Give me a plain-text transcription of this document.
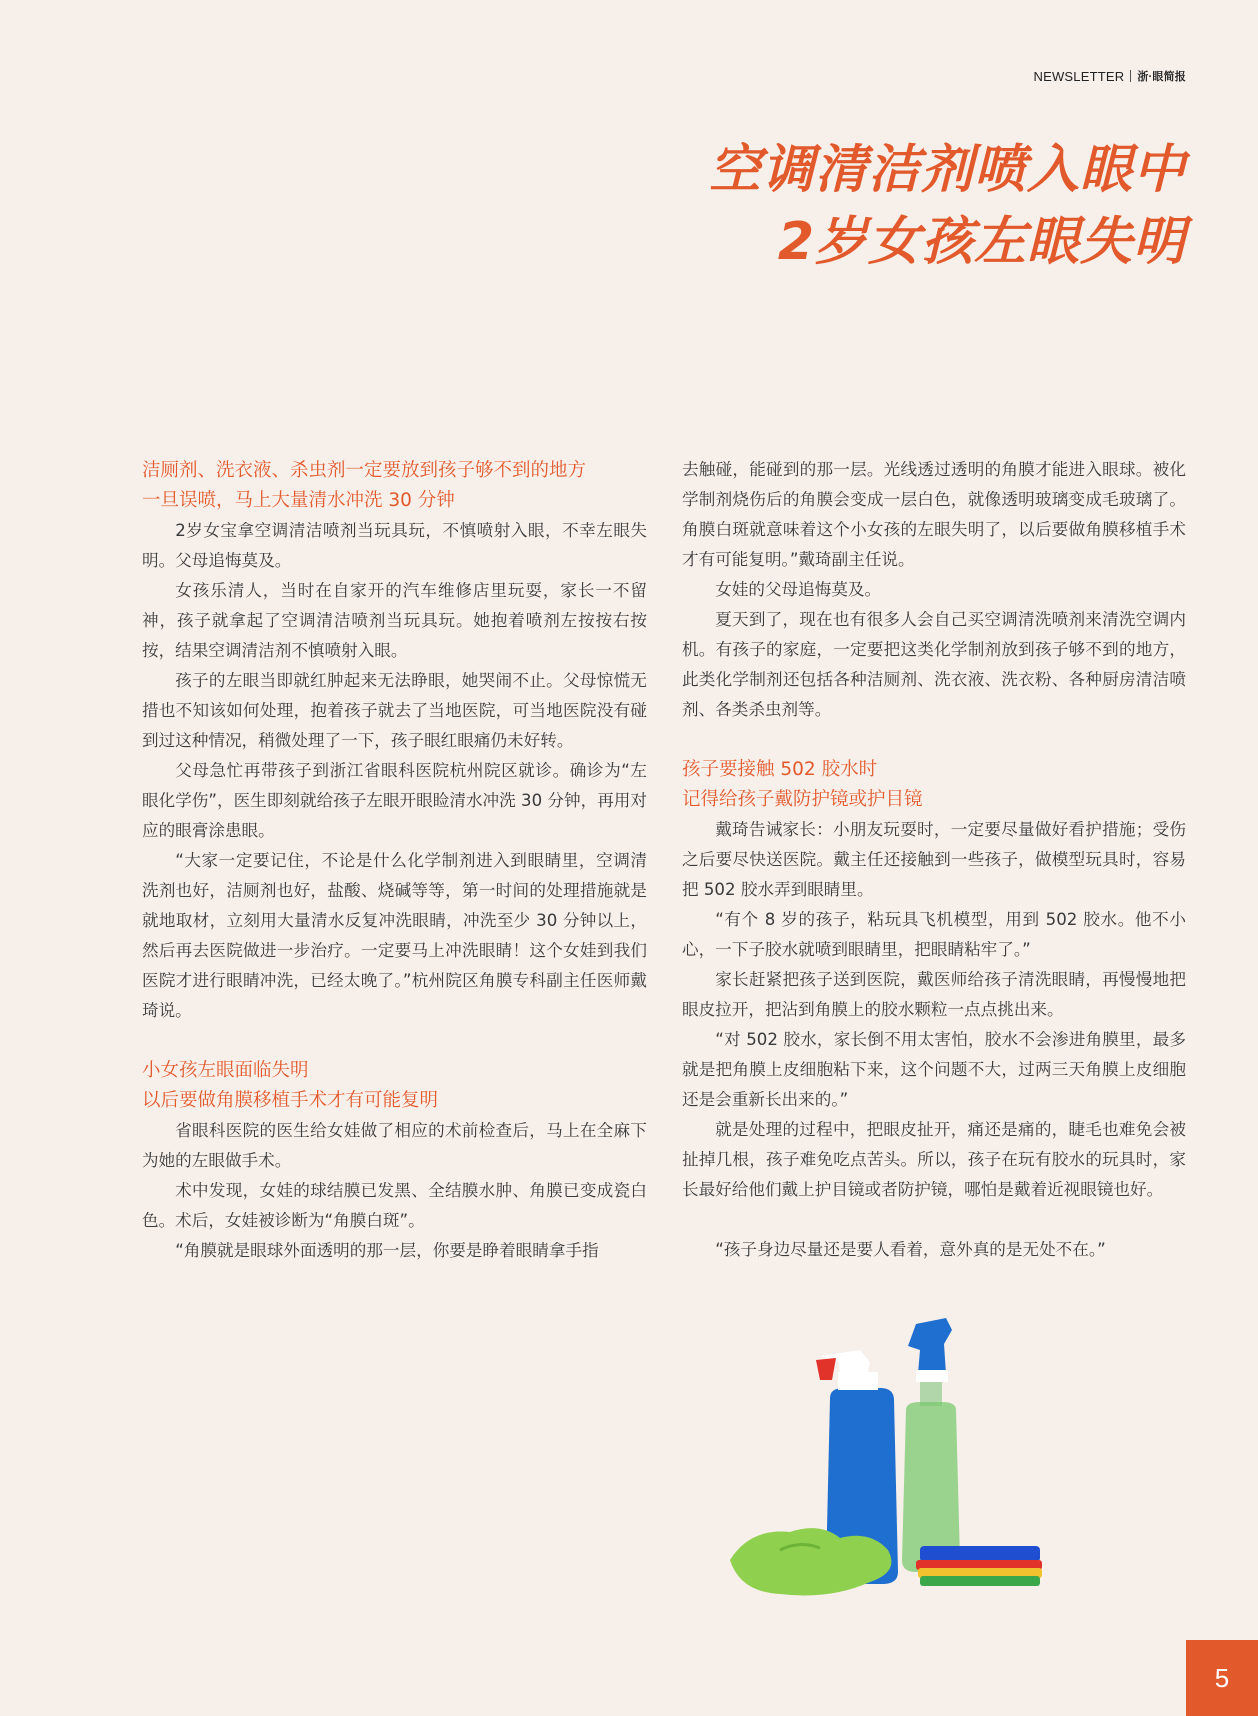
NEWSLETTER 浙·眼简报
空调清洁剂喷入眼中
2岁女孩左眼失明
洁厕剂、洗衣液、杀虫剂一定要放到孩子够不到的地方
一旦误喷，马上大量清水冲洗 30 分钟

2岁女宝拿空调清洁喷剂当玩具玩，不慎喷射入眼，不幸左眼失明。父母追悔莫及。

女孩乐清人，当时在自家开的汽车维修店里玩耍，家长一不留神，孩子就拿起了空调清洁喷剂当玩具玩。她抱着喷剂左按按右按按，结果空调清洁剂不慎喷射入眼。

孩子的左眼当即就红肿起来无法睁眼，她哭闹不止。父母惊慌无措也不知该如何处理，抱着孩子就去了当地医院，可当地医院没有碰到过这种情况，稍微处理了一下，孩子眼红眼痛仍未好转。

父母急忙再带孩子到浙江省眼科医院杭州院区就诊。确诊为“左眼化学伤”，医生即刻就给孩子左眼开眼睑清水冲洗 30 分钟，再用对应的眼膏涂患眼。

“大家一定要记住，不论是什么化学制剂进入到眼睛里，空调清洗剂也好，洁厕剂也好，盐酸、烧碱等等，第一时间的处理措施就是就地取材，立刻用大量清水反复冲洗眼睛，冲洗至少 30 分钟以上，然后再去医院做进一步治疗。一定要马上冲洗眼睛！这个女娃到我们医院才进行眼睛冲洗，已经太晚了。”杭州院区角膜专科副主任医师戴琦说。

小女孩左眼面临失明
以后要做角膜移植手术才有可能复明

省眼科医院的医生给女娃做了相应的术前检查后，马上在全麻下为她的左眼做手术。

术中发现，女娃的球结膜已发黑、全结膜水肿、角膜已变成瓷白色。术后，女娃被诊断为“角膜白斑”。

“角膜就是眼球外面透明的那一层，你要是睁着眼睛拿手指

去触碰，能碰到的那一层。光线透过透明的角膜才能进入眼球。被化学制剂烧伤后的角膜会变成一层白色，就像透明玻璃变成毛玻璃了。角膜白斑就意味着这个小女孩的左眼失明了，以后要做角膜移植手术才有可能复明。”戴琦副主任说。

女娃的父母追悔莫及。

夏天到了，现在也有很多人会自己买空调清洗喷剂来清洗空调内机。有孩子的家庭，一定要把这类化学制剂放到孩子够不到的地方，此类化学制剂还包括各种洁厕剂、洗衣液、洗衣粉、各种厨房清洁喷剂、各类杀虫剂等。

孩子要接触 502 胶水时
记得给孩子戴防护镜或护目镜

戴琦告诫家长：小朋友玩耍时，一定要尽量做好看护措施；受伤之后要尽快送医院。戴主任还接触到一些孩子，做模型玩具时，容易把 502 胶水弄到眼睛里。

“有个 8 岁的孩子，粘玩具飞机模型，用到 502 胶水。他不小心，一下子胶水就喷到眼睛里，把眼睛粘牢了。”

家长赶紧把孩子送到医院，戴医师给孩子清洗眼睛，再慢慢地把眼皮拉开，把沾到角膜上的胶水颗粒一点点挑出来。

“对 502 胶水，家长倒不用太害怕，胶水不会渗进角膜里，最多就是把角膜上皮细胞粘下来，这个问题不大，过两三天角膜上皮细胞还是会重新长出来的。”

就是处理的过程中，把眼皮扯开，痛还是痛的，睫毛也难免会被扯掉几根，孩子难免吃点苦头。所以，孩子在玩有胶水的玩具时，家长最好给他们戴上护目镜或者防护镜，哪怕是戴着近视眼镜也好。

“孩子身边尽量还是要人看着，意外真的是无处不在。”

5
